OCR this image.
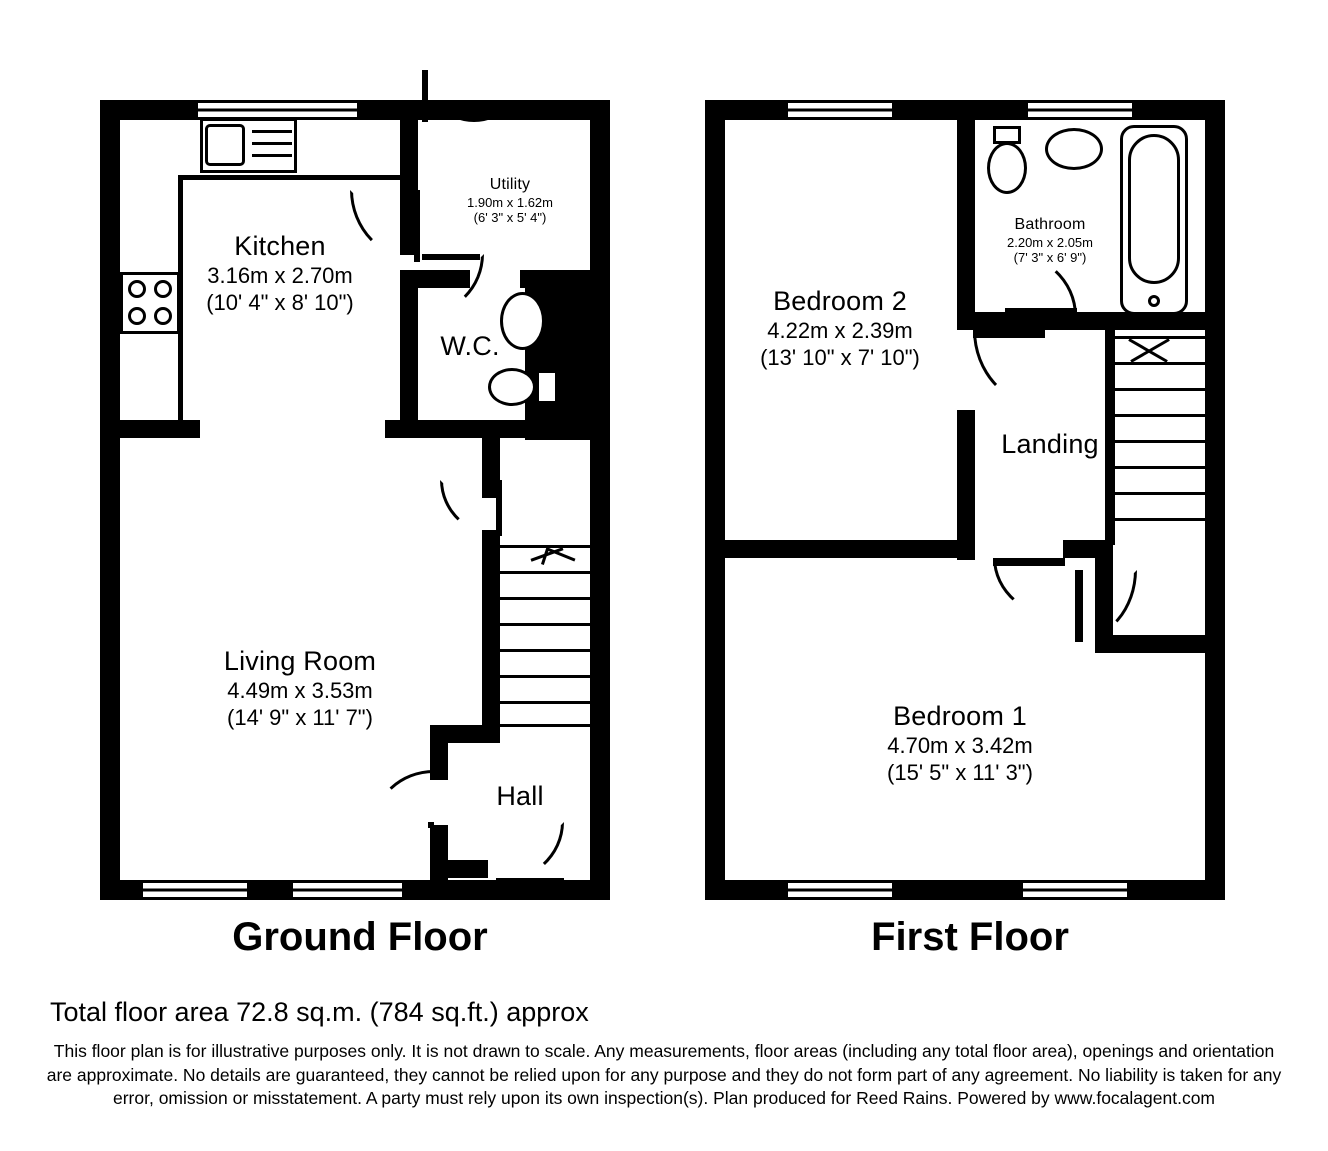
Kitchen
3.16m x 2.70m
(10' 4" x 8' 10")
Utility
1.90m x 1.62m
(6' 3" x 5' 4")
W.C.
Living Room
4.49m x 3.53m
(14' 9" x 11' 7")
Hall
Ground Floor
Bedroom 2
4.22m x 2.39m
(13' 10" x 7' 10")
Bathroom
2.20m x 2.05m
(7' 3" x 6' 9")
Landing
Bedroom 1
4.70m x 3.42m
(15' 5" x 11' 3")
First Floor
Total floor area 72.8 sq.m. (784 sq.ft.) approx
This floor plan is for illustrative purposes only. It is not drawn to scale. Any measurements, floor areas (including any total floor area), openings and orientation are approximate. No details are guaranteed, they cannot be relied upon for any purpose and they do not form part of any agreement. No liability is taken for any error, omission or misstatement. A party must rely upon its own inspection(s). Plan produced for Reed Rains. Powered by www.focalagent.com
